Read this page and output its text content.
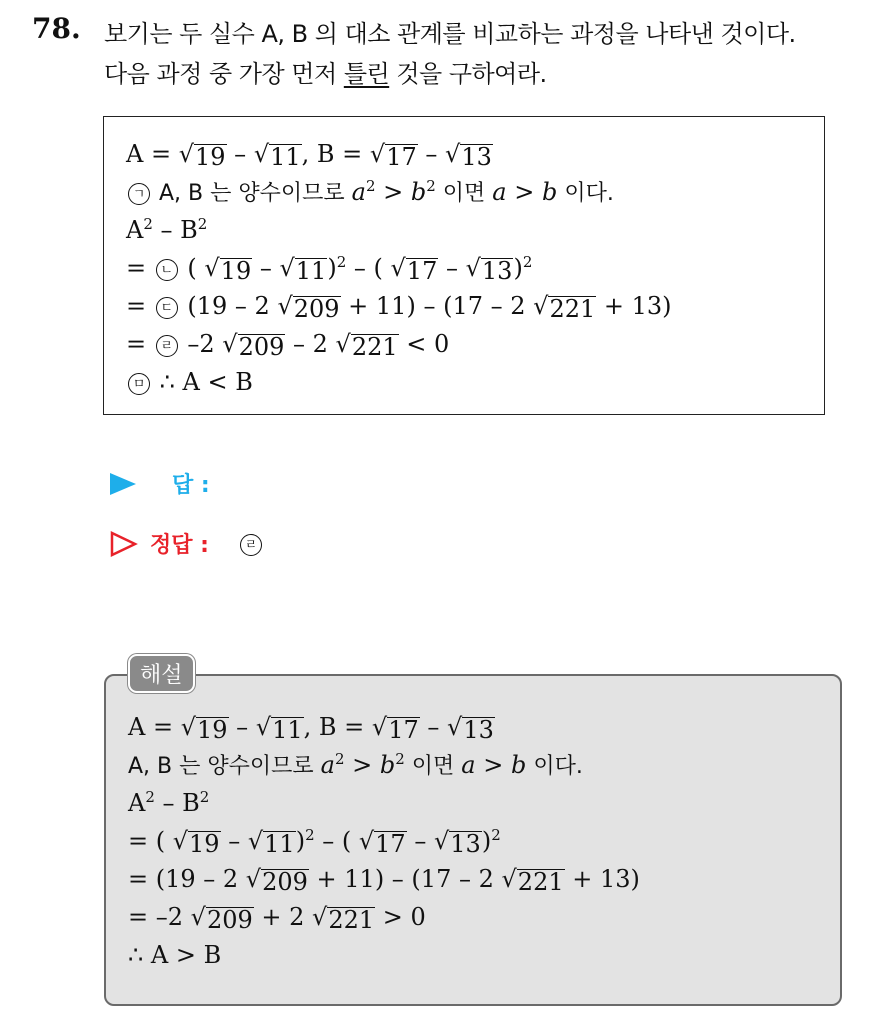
78. 보기는 두 실수 A, B 의 대소 관계를 비교하는 과정을 나타낸 것이다.
다음 과정 중 가장 먼저 틀린 것을 구하여라.
A = √ 19 – √ 11 , B = √ 17 – √ 13
ㄱ A, B 는 양수이므로 $a^2 > b^2$ 이면 a > b 이다.
$A^2 - B^2$
= ㄴ ( √ 19 – √ 11 )$^2$ – ( √ 17 – √ 13 )$^2$
= ㄷ (19 – 2 √ 209 + 11) – (17 – 2 √ 221 + 13)
= ㄹ –2 √ 209 – 2 √ 221 < 0
ㅁ ∴ A < B
답 :
정답 :	ㄹ
A = √ 19 – √ 11 , B = √ 17 – √ 13
A, B 는 양수이므로 $a^2 > b^2$ 이면 a > b 이다.
$A^2 - B^2$
= ( √ 19 – √ 11 )$^2$ – ( √ 17 – √ 13 )$^2$
= (19 – 2 √ 209 + 11) – (17 – 2 √ 221 + 13)
= –2 √ 209 + 2 √ 221 > 0
∴ A > B
해설
